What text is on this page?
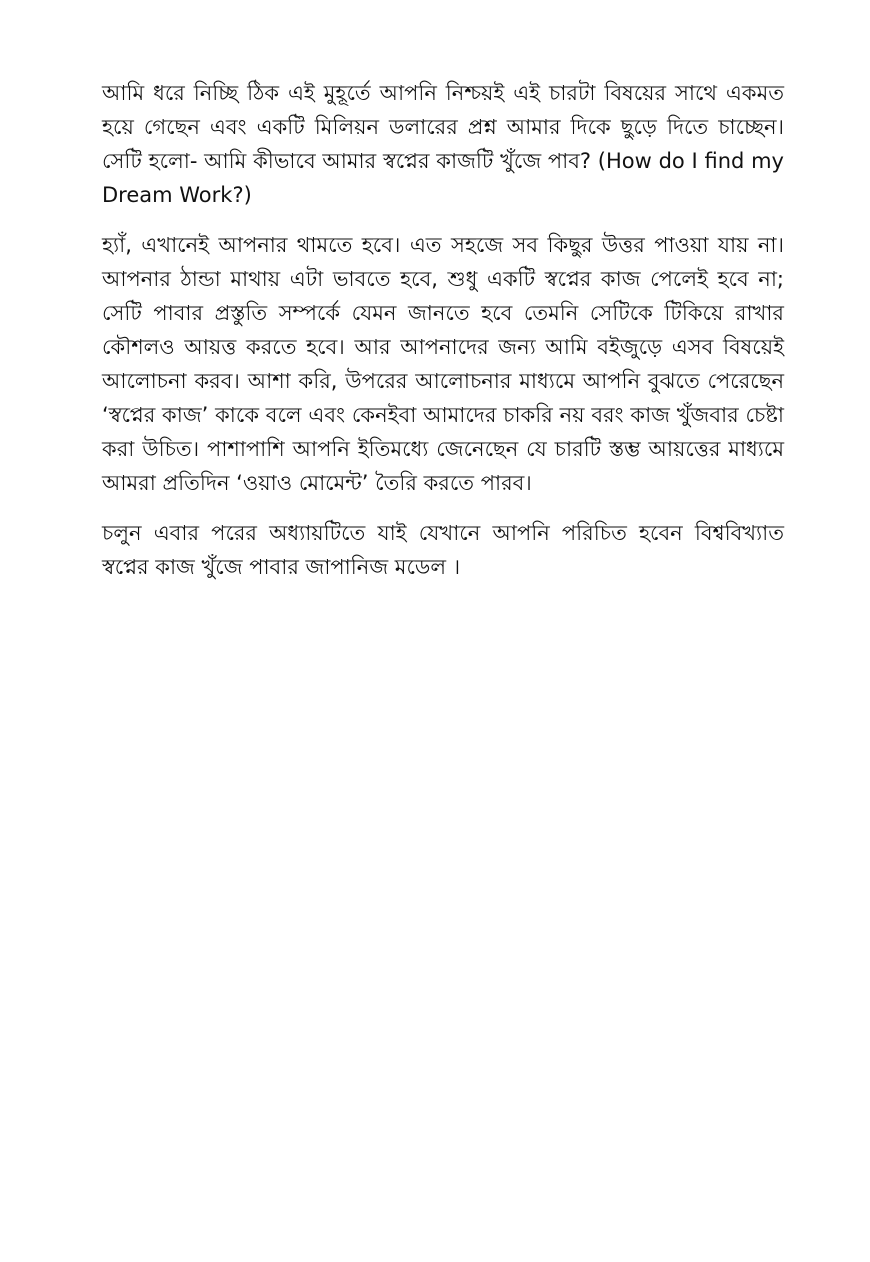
আমি ধরে নিচ্ছি ঠিক এই মুহূর্তে আপনি নিশ্চয়ই এই চারটা বিষয়ের সাথে একমত হয়ে গেছেন এবং একটি মিলিয়ন ডলারের প্রশ্ন আমার দিকে ছুড়ে দিতে চাচ্ছেন। সেটি হলো- আমি কীভাবে আমার স্বপ্নের কাজটি খুঁজে পাব? (How do I find my Dream Work?)

হ্যাঁ, এখানেই আপনার থামতে হবে। এত সহজে সব কিছুর উত্তর পাওয়া যায় না। আপনার ঠান্ডা মাথায় এটা ভাবতে হবে, শুধু একটি স্বপ্নের কাজ পেলেই হবে না; সেটি পাবার প্রস্তুতি সম্পর্কে যেমন জানতে হবে তেমনি সেটিকে টিকিয়ে রাখার কৌশলও আয়ত্ত করতে হবে। আর আপনাদের জন্য আমি বইজুড়ে এসব বিষয়েই আলোচনা করব। আশা করি, উপরের আলোচনার মাধ্যমে আপনি বুঝতে পেরেছেন ‘স্বপ্নের কাজ’ কাকে বলে এবং কেনইবা আমাদের চাকরি নয় বরং কাজ খুঁজবার চেষ্টা করা উচিত। পাশাপাশি আপনি ইতিমধ্যে জেনেছেন যে চারটি স্তম্ভ আয়ত্তের মাধ্যমে আমরা প্রতিদিন ‘ওয়াও মোমেন্ট’ তৈরি করতে পারব।

চলুন এবার পরের অধ্যায়টিতে যাই যেখানে আপনি পরিচিত হবেন বিশ্ববিখ্যাত স্বপ্নের কাজ খুঁজে পাবার জাপানিজ মডেল ।
